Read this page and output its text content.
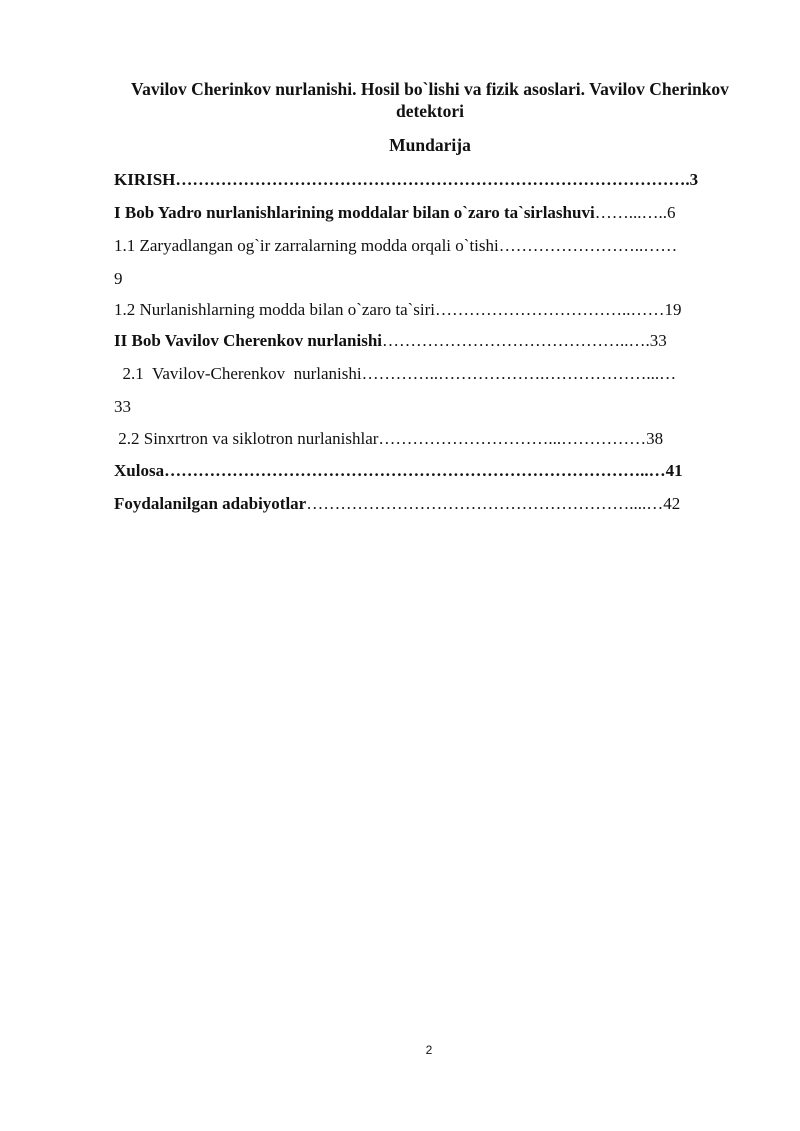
Vavilov Cherinkov nurlanishi. Hosil bo`lishi va fizik asoslari. Vavilov Cherinkov detektori
Mundarija
KIRISH……………………………………………………………………………….3
I Bob Yadro nurlanishlarining moddalar bilan o`zaro ta`sirlashuvi……...…..6
1.1 Zaryadlangan og`ir zarralarning modda orqali o`tishi……………………..……
9
1.2 Nurlanishlarning modda bilan o`zaro ta`siri……………………………..……19
II Bob Vavilov Cherenkov nurlanishi……………………………………..….33
2.1  Vavilov-Cherenkov  nurlanishi…………..……………….………………...…
33
2.2 Sinxrtron va siklotron nurlanishlar…………………………...……………38
Xulosa…………………………………………………………………………..…41
Foydalanilgan adabiyotlar…………………………………………………....…42
2
